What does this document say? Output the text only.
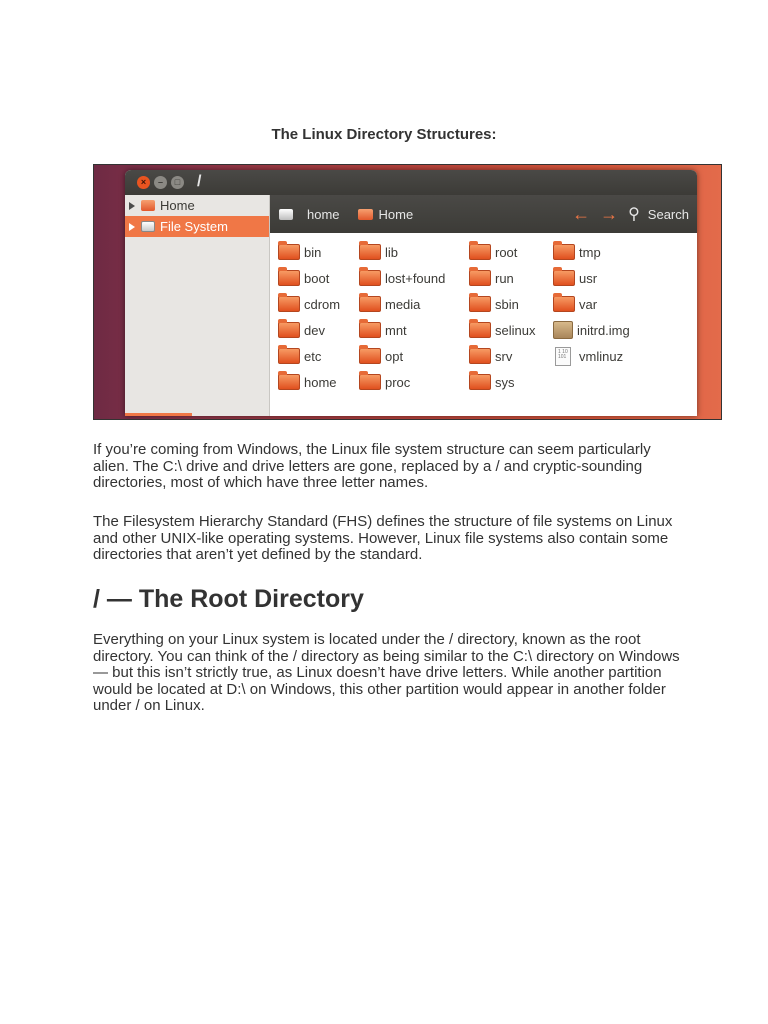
The Linux Directory Structures:
×	–	□ /
Home
File System
home	Home	← → ⚲ Search
bin
boot
cdrom
dev
etc
home
lib
lost+found
media
mnt
opt
proc
root
run
sbin
selinux
srv
sys
tmp
usr
var
initrd.img
1 10 101 vmlinuz
If you’re coming from Windows, the Linux file system structure can seem particularly alien. The C:\ drive and drive letters are gone, replaced by a / and cryptic-sounding directories, most of which have three letter names.
The Filesystem Hierarchy Standard (FHS) defines the structure of file systems on Linux and other UNIX-like operating systems. However, Linux file systems also contain some directories that aren’t yet defined by the standard.
/ — The Root Directory
Everything on your Linux system is located under the / directory, known as the root directory. You can think of the / directory as being similar to the C:\ directory on Windows — but this isn’t strictly true, as Linux doesn’t have drive letters. While another partition would be located at D:\ on Windows, this other partition would appear in another folder under / on Linux.
